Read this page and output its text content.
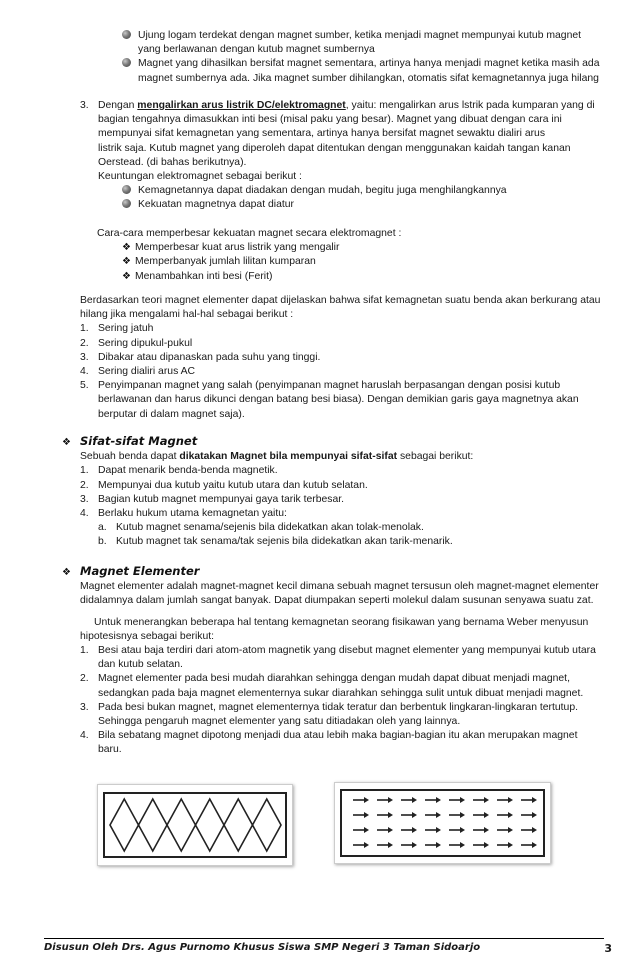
Ujung logam terdekat dengan magnet sumber, ketika menjadi magnet mempunyai kutub magnet

yang berlawanan dengan kutub magnet sumbernya

Magnet yang dihasilkan bersifat magnet sementara, artinya hanya menjadi magnet ketika masih ada

magnet sumbernya ada. Jika magnet sumber dihilangkan, otomatis sifat kemagnetannya juga hilang

3. Dengan mengalirkan arus listrik DC/elektromagnet, yaitu: mengalirkan arus lstrik pada kumparan yang di

bagian tengahnya dimasukkan inti besi (misal paku yang besar). Magnet yang dibuat dengan cara ini

mempunyai sifat kemagnetan yang sementara, artinya hanya bersifat magnet sewaktu dialiri arus

listrik saja. Kutub magnet yang diperoleh dapat ditentukan dengan menggunakan kaidah tangan kanan

Oerstead. (di bahas berikutnya).

Keuntungan elektromagnet sebagai berikut :

Kemagnetannya dapat diadakan dengan mudah, begitu juga menghilangkannya

Kekuatan magnetnya dapat diatur

Cara-cara memperbesar kekuatan magnet secara elektromagnet :

❖ Memperbesar kuat arus listrik yang mengalir

❖ Memperbanyak jumlah lilitan kumparan

❖ Menambahkan inti besi (Ferit)

Berdasarkan teori magnet elementer dapat dijelaskan bahwa sifat kemagnetan suatu benda akan berkurang atau

hilang jika mengalami hal-hal sebagai berikut :

1. Sering jatuh

2. Sering dipukul-pukul

3. Dibakar atau dipanaskan pada suhu yang tinggi.

4. Sering dialiri arus AC

5. Penyimpanan magnet yang salah (penyimpanan magnet haruslah berpasangan dengan posisi kutub

berlawanan dan harus dikunci dengan batang besi biasa). Dengan demikian garis gaya magnetnya akan

berputar di dalam magnet saja).

❖ Sifat-sifat Magnet

Sebuah benda dapat dikatakan Magnet bila mempunyai sifat-sifat sebagai berikut:

1. Dapat menarik benda-benda magnetik.

2. Mempunyai dua kutub yaitu kutub utara dan kutub selatan.

3. Bagian kutub magnet mempunyai gaya tarik terbesar.

4. Berlaku hukum utama kemagnetan yaitu:

a. Kutub magnet senama/sejenis bila didekatkan akan tolak-menolak.

b. Kutub magnet tak senama/tak sejenis bila didekatkan akan tarik-menarik.

❖ Magnet Elementer

Magnet elementer adalah magnet-magnet kecil dimana sebuah magnet tersusun oleh magnet-magnet elementer

didalamnya dalam jumlah sangat banyak. Dapat diumpakan seperti molekul dalam susunan senyawa suatu zat.

Untuk menerangkan beberapa hal tentang kemagnetan seorang fisikawan yang bernama Weber menyusun

hipotesisnya sebagai berikut:

1. Besi atau baja terdiri dari atom-atom magnetik yang disebut magnet elementer yang mempunyai kutub utara

dan kutub selatan.

2. Magnet elementer pada besi mudah diarahkan sehingga dengan mudah dapat dibuat menjadi magnet,

sedangkan pada baja magnet elementernya sukar diarahkan sehingga sulit untuk dibuat menjadi magnet.

3. Pada besi bukan magnet, magnet elementernya tidak teratur dan berbentuk lingkaran-lingkaran tertutup.

Sehingga pengaruh magnet elementer yang satu ditiadakan oleh yang lainnya.

4. Bila sebatang magnet dipotong menjadi dua atau lebih maka bagian-bagian itu akan merupakan magnet

baru.

Disusun Oleh Drs. Agus Purnomo Khusus Siswa SMP Negeri 3 Taman Sidoarjo	3
